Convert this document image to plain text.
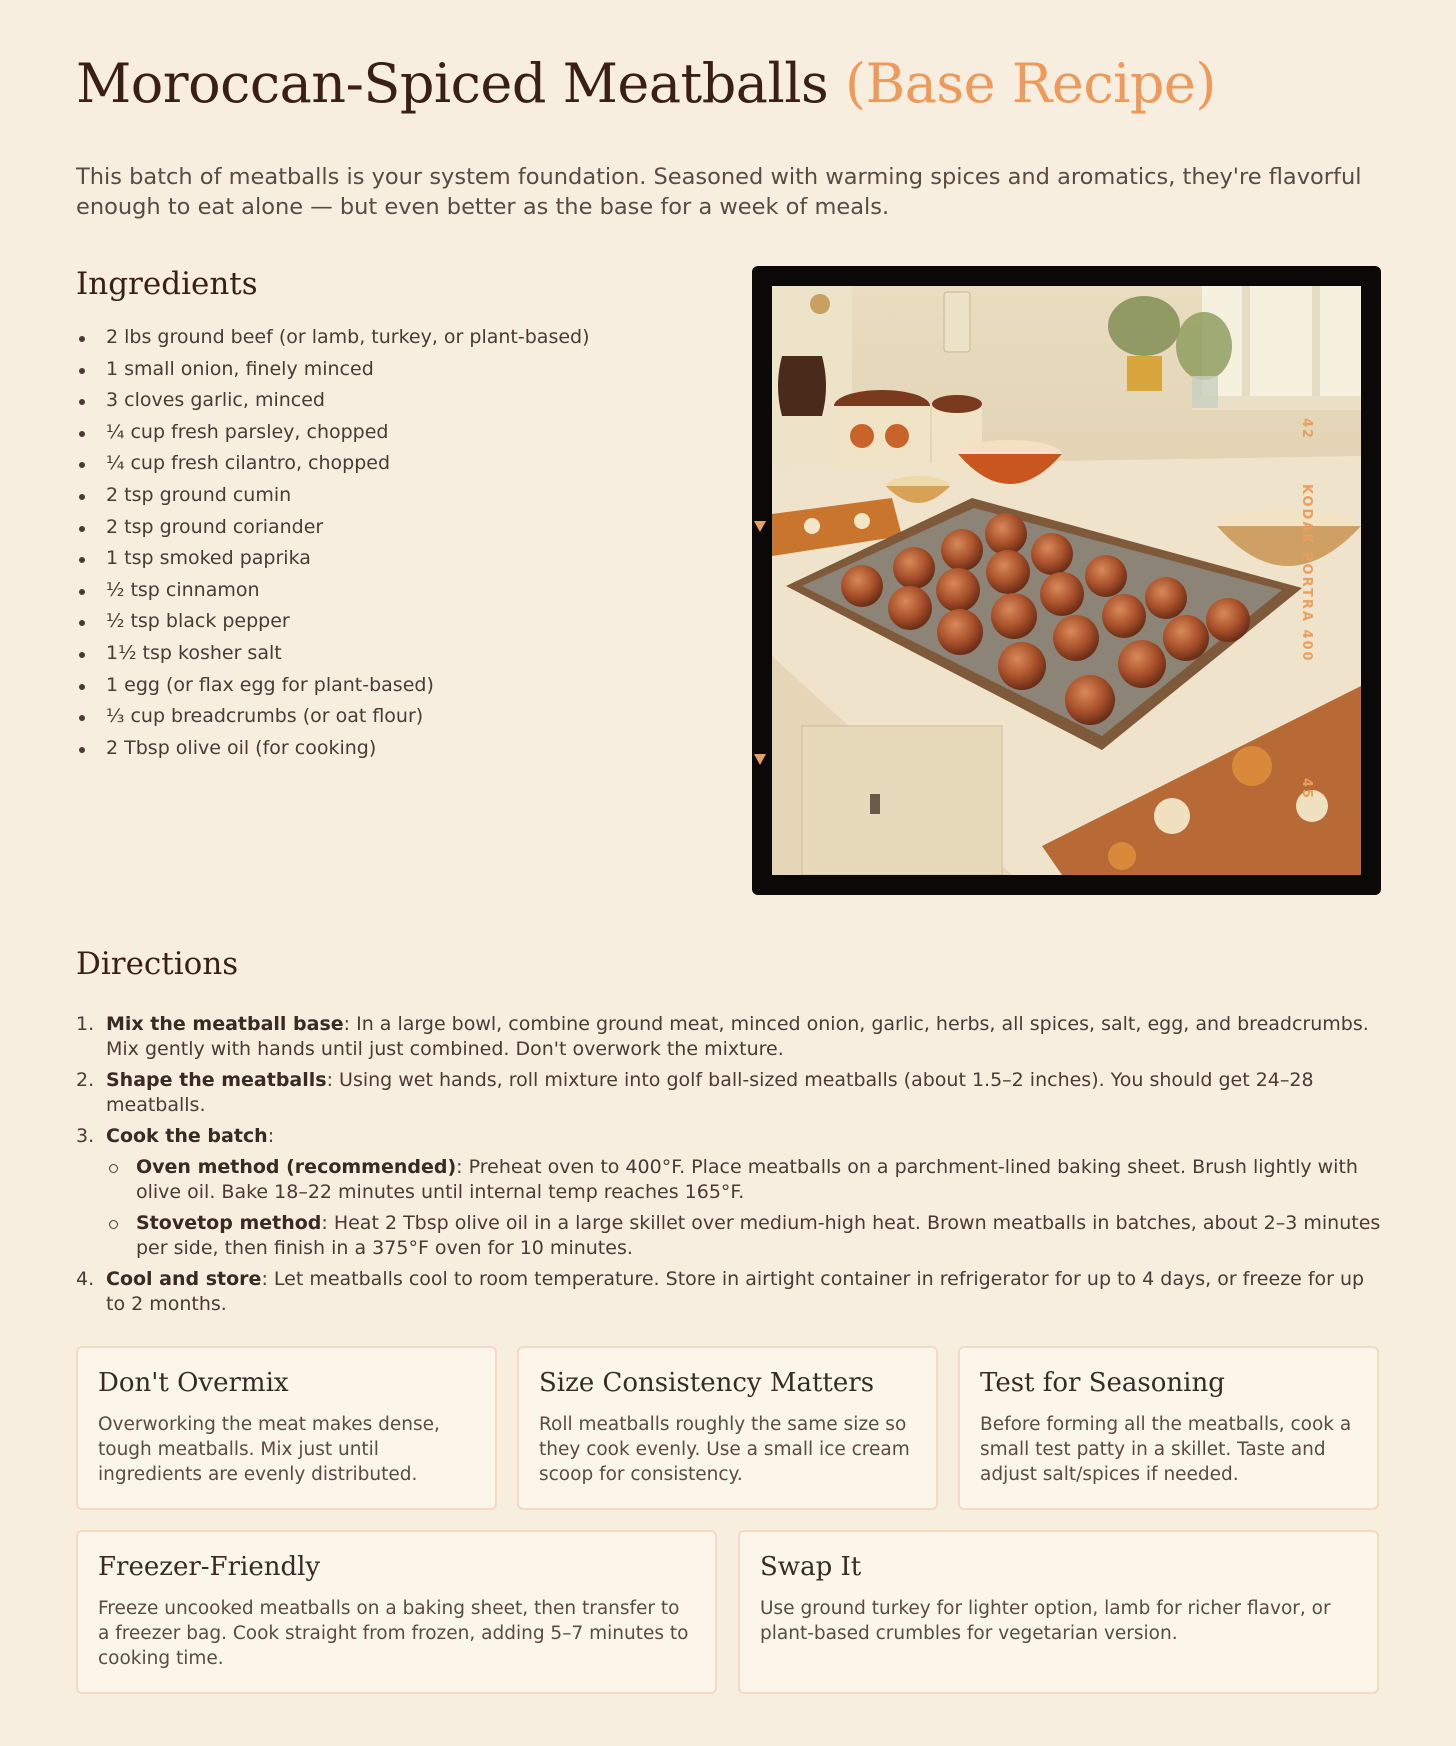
Moroccan-Spiced Meatballs (Base Recipe)

This batch of meatballs is your system foundation. Seasoned with warming spices and aromatics, they're flavorful enough to eat alone — but even better as the base for a week of meals.

Ingredients
2 lbs ground beef (or lamb, turkey, or plant-based)
1 small onion, finely minced
3 cloves garlic, minced
¼ cup fresh parsley, chopped
¼ cup fresh cilantro, chopped
2 tsp ground cumin
2 tsp ground coriander
1 tsp smoked paprika
½ tsp cinnamon
½ tsp black pepper
1½ tsp kosher salt
1 egg (or flax egg for plant-based)
⅓ cup breadcrumbs (or oat flour)
2 Tbsp olive oil (for cooking)
42
KODAK PORTRA 400
45
Directions
1. Mix the meatball base: In a large bowl, combine ground meat, minced onion, garlic, herbs, all spices, salt, egg, and breadcrumbs. Mix gently with hands until just combined. Don't overwork the mixture.
2. Shape the meatballs: Using wet hands, roll mixture into golf ball-sized meatballs (about 1.5–2 inches). You should get 24–28 meatballs.
3. Cook the batch:
Oven method (recommended): Preheat oven to 400°F. Place meatballs on a parchment-lined baking sheet. Brush lightly with olive oil. Bake 18–22 minutes until internal temp reaches 165°F.
Stovetop method: Heat 2 Tbsp olive oil in a large skillet over medium-high heat. Brown meatballs in batches, about 2–3 minutes per side, then finish in a 375°F oven for 10 minutes.
4. Cool and store: Let meatballs cool to room temperature. Store in airtight container in refrigerator for up to 4 days, or freeze for up to 2 months.
Don't Overmix

Overworking the meat makes dense, tough meatballs. Mix just until ingredients are evenly distributed.

Size Consistency Matters

Roll meatballs roughly the same size so they cook evenly. Use a small ice cream scoop for consistency.

Test for Seasoning

Before forming all the meatballs, cook a small test patty in a skillet. Taste and adjust salt/spices if needed.

Freezer-Friendly

Freeze uncooked meatballs on a baking sheet, then transfer to a freezer bag. Cook straight from frozen, adding 5–7 minutes to cooking time.

Swap It

Use ground turkey for lighter option, lamb for richer flavor, or plant-based crumbles for vegetarian version.
